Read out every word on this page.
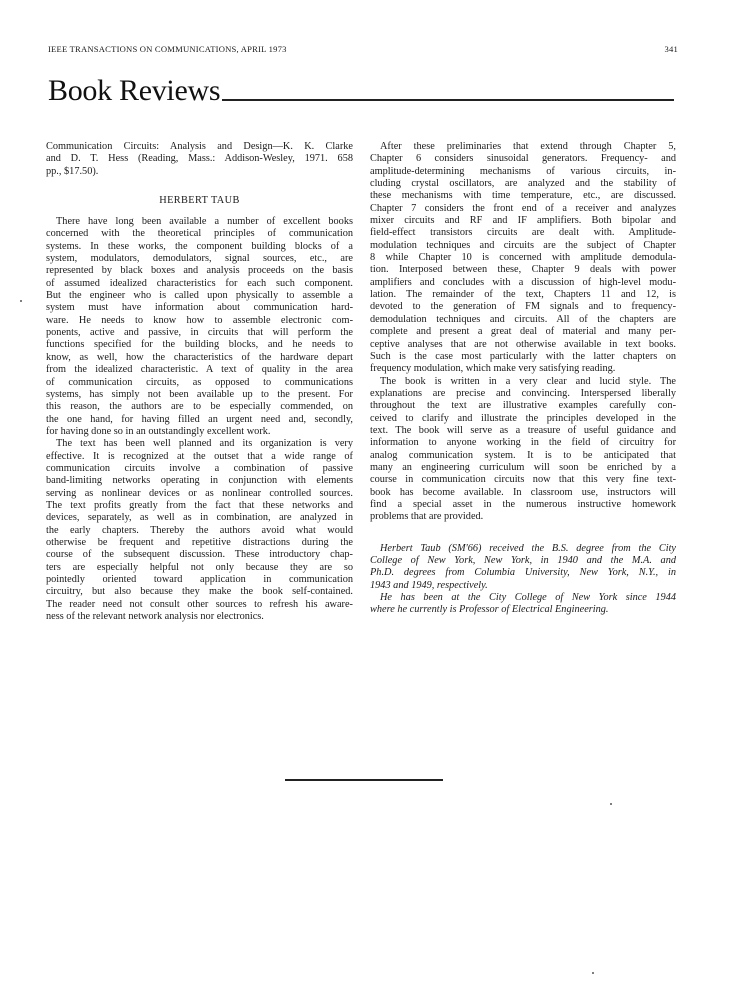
IEEE TRANSACTIONS ON COMMUNICATIONS, APRIL 1973	341
Book Reviews
Communication Circuits: Analysis and Design—K. K. Clarke
and D. T. Hess (Reading, Mass.: Addison-Wesley, 1971. 658
pp., $17.50).
HERBERT TAUB
There have long been available a number of excellent books
concerned with the theoretical principles of communication
systems. In these works, the component building blocks of a
system, modulators, demodulators, signal sources, etc., are
represented by black boxes and analysis proceeds on the basis
of assumed idealized characteristics for each such component.
But the engineer who is called upon physically to assemble a
system must have information about communication hard-
ware. He needs to know how to assemble electronic com-
ponents, active and passive, in circuits that will perform the
functions specified for the building blocks, and he needs to
know, as well, how the characteristics of the hardware depart
from the idealized characteristic. A text of quality in the area
of communication circuits, as opposed to communications
systems, has simply not been available up to the present. For
this reason, the authors are to be especially commended, on
the one hand, for having filled an urgent need and, secondly,
for having done so in an outstandingly excellent work.
The text has been well planned and its organization is very
effective. It is recognized at the outset that a wide range of
communication circuits involve a combination of passive
band-limiting networks operating in conjunction with elements
serving as nonlinear devices or as nonlinear controlled sources.
The text profits greatly from the fact that these networks and
devices, separately, as well as in combination, are analyzed in
the early chapters. Thereby the authors avoid what would
otherwise be frequent and repetitive distractions during the
course of the subsequent discussion. These introductory chap-
ters are especially helpful not only because they are so
pointedly oriented toward application in communication
circuitry, but also because they make the book self-contained.
The reader need not consult other sources to refresh his aware-
ness of the relevant network analysis nor electronics.
After these preliminaries that extend through Chapter 5,
Chapter 6 considers sinusoidal generators. Frequency- and
amplitude-determining mechanisms of various circuits, in-
cluding crystal oscillators, are analyzed and the stability of
these mechanisms with time temperature, etc., are discussed.
Chapter 7 considers the front end of a receiver and analyzes
mixer circuits and RF and IF amplifiers. Both bipolar and
field-effect transistors circuits are dealt with. Amplitude-
modulation techniques and circuits are the subject of Chapter
8 while Chapter 10 is concerned with amplitude demodula-
tion. Interposed between these, Chapter 9 deals with power
amplifiers and concludes with a discussion of high-level modu-
lation. The remainder of the text, Chapters 11 and 12, is
devoted to the generation of FM signals and to frequency-
demodulation techniques and circuits. All of the chapters are
complete and present a great deal of material and many per-
ceptive analyses that are not otherwise available in text books.
Such is the case most particularly with the latter chapters on
frequency modulation, which make very satisfying reading.
The book is written in a very clear and lucid style. The
explanations are precise and convincing. Interspersed liberally
throughout the text are illustrative examples carefully con-
ceived to clarify and illustrate the principles developed in the
text. The book will serve as a treasure of useful guidance and
information to anyone working in the field of circuitry for
analog communication system. It is to be anticipated that
many an engineering curriculum will soon be enriched by a
course in communication circuits now that this very fine text-
book has become available. In classroom use, instructors will
find a special asset in the numerous instructive homework
problems that are provided.
Herbert Taub (SM'66) received the B.S. degree from the City
College of New York, New York, in 1940 and the M.A. and
Ph.D. degrees from Columbia University, New York, N.Y., in
1943 and 1949, respectively.
He has been at the City College of New York since 1944
where he currently is Professor of Electrical Engineering.
